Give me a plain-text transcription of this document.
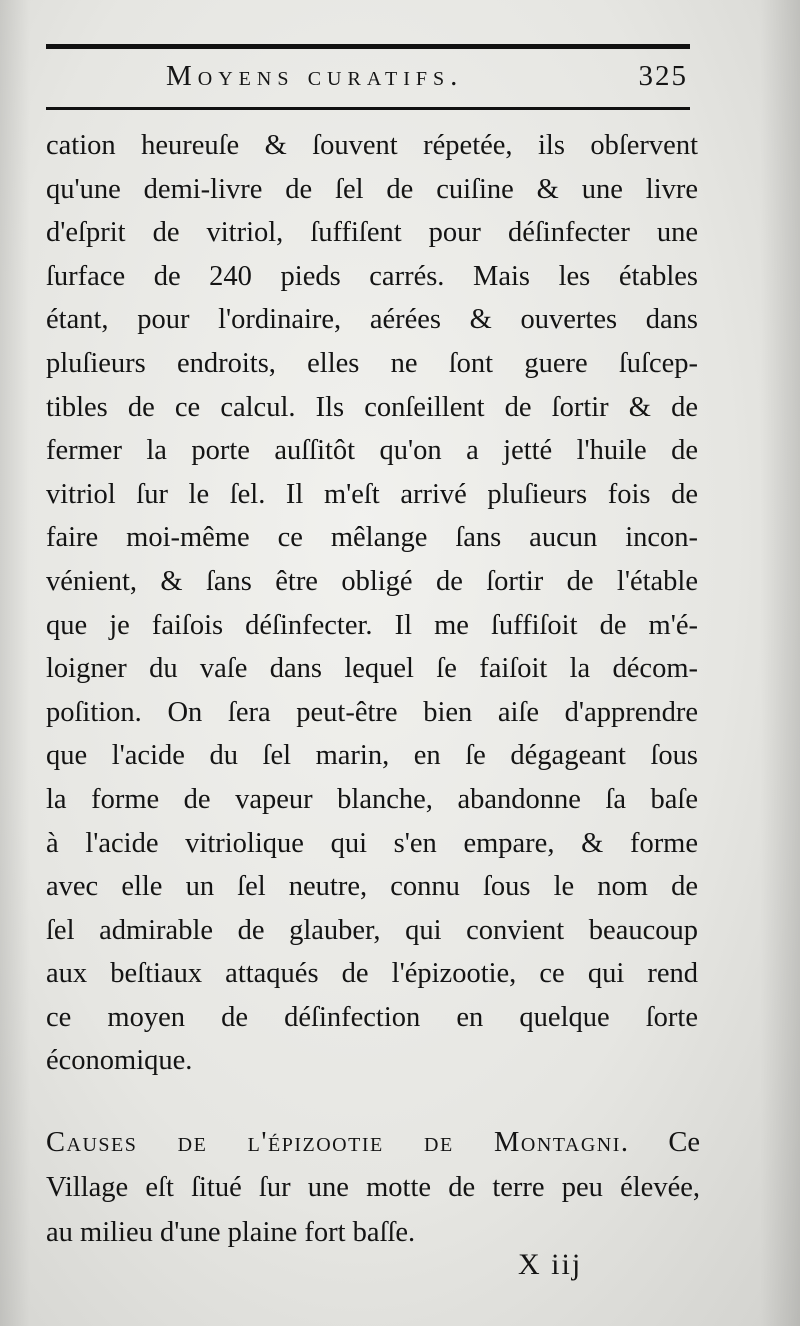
Moyens curatifs.	325
cation heureuſe & ſouvent répetée, ils obſervent
qu'une demi-livre de ſel de cuiſine & une livre
d'eſprit de vitriol, ſuffiſent pour déſinfecter une
ſurface de 240 pieds carrés. Mais les étables
étant, pour l'ordinaire, aérées & ouvertes dans
pluſieurs endroits, elles ne ſont guere ſuſcep-
tibles de ce calcul. Ils conſeillent de ſortir & de
fermer la porte auſſitôt qu'on a jetté l'huile de
vitriol ſur le ſel. Il m'eſt arrivé pluſieurs fois de
faire moi-même ce mêlange ſans aucun incon-
vénient, & ſans être obligé de ſortir de l'étable
que je faiſois déſinfecter. Il me ſuffiſoit de m'é-
loigner du vaſe dans lequel ſe faiſoit la décom-
poſition. On ſera peut-être bien aiſe d'apprendre
que l'acide du ſel marin, en ſe dégageant ſous
la forme de vapeur blanche, abandonne ſa baſe
à l'acide vitriolique qui s'en empare, & forme
avec elle un ſel neutre, connu ſous le nom de
ſel admirable de glauber, qui convient beaucoup
aux beſtiaux attaqués de l'épizootie, ce qui rend
ce moyen de déſinfection en quelque ſorte
économique.
Causes de l'épizootie de Montagni. Ce
Village eſt ſitué ſur une motte de terre peu élevée,
au milieu d'une plaine fort baſſe.
X iij
